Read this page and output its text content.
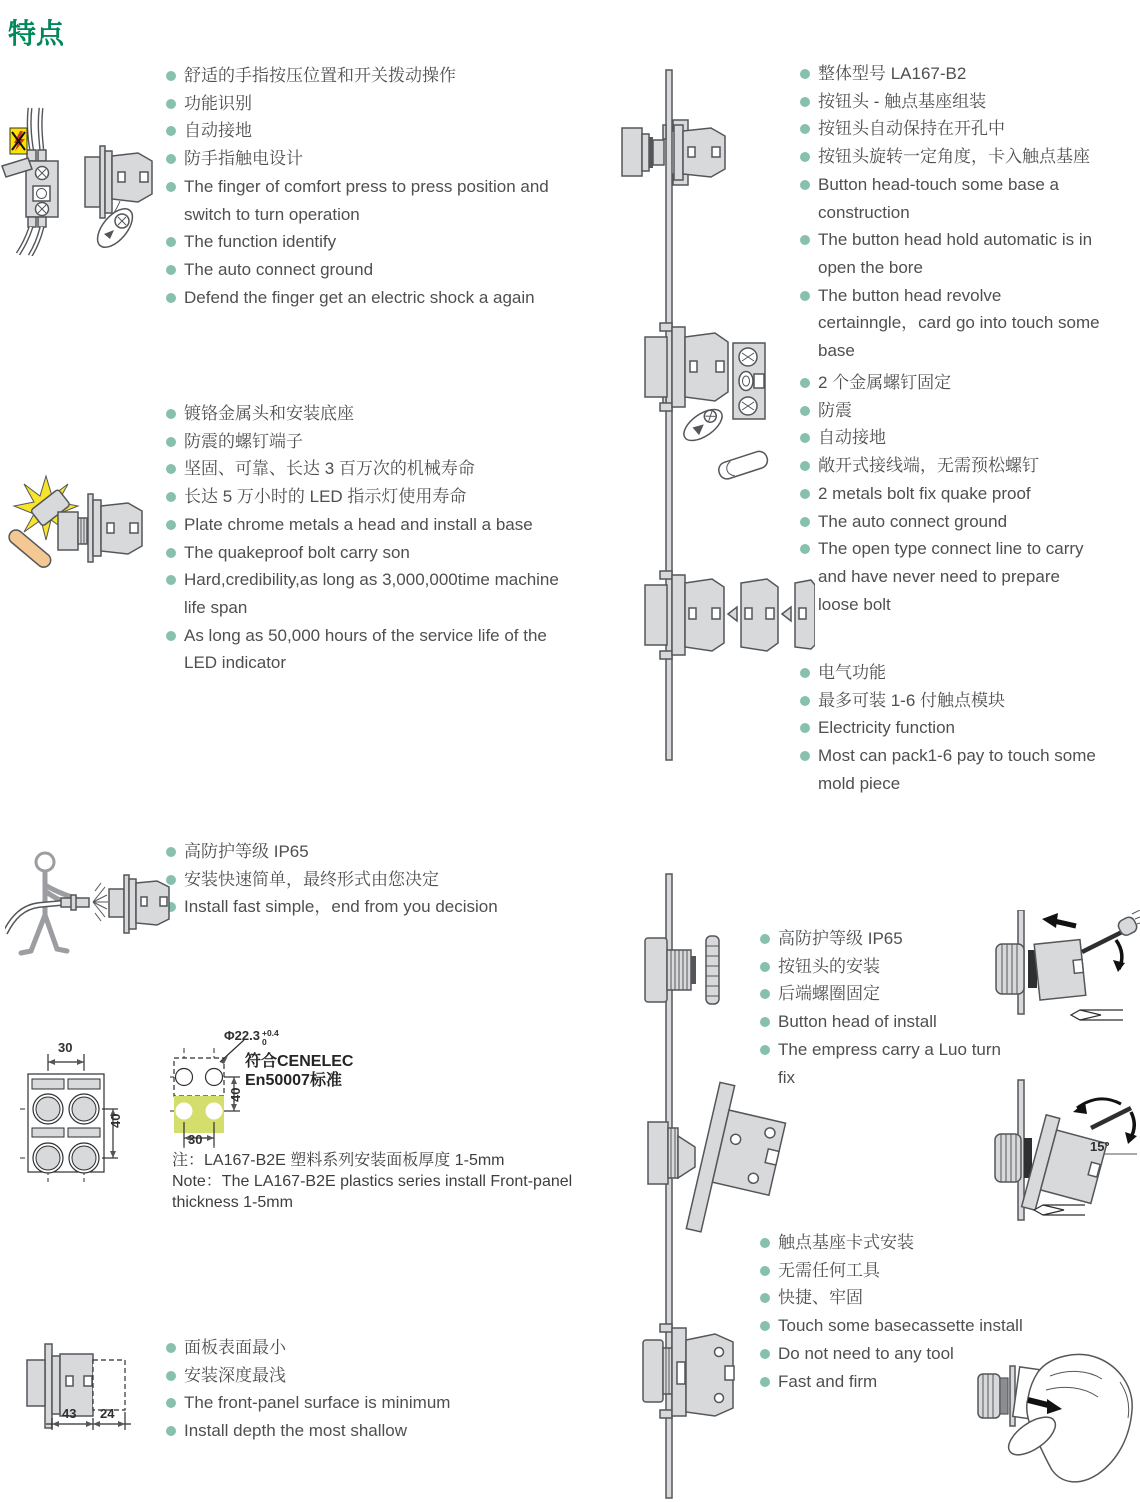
特点
舒适的手指按压位置和开关拨动操作
功能识别
自动接地
防手指触电设计
The finger of comfort press to press position and switch to turn operation
The function identify
The auto connect ground
Defend the finger get an electric shock a again
镀铬金属头和安装底座
防震的螺钉端子
坚固、可靠、长达 3 百万次的机械寿命
长达 5 万小时的 LED 指示灯使用寿命
Plate chrome metals a head and install a base
The quakeproof bolt carry son
Hard,credibility,as long as 3,000,000time machine life span
As long as 50,000 hours of the service life of the LED indicator
高防护等级 IP65
安装快速简单，最终形式由您决定
Install fast simple，end from you decision
面板表面最小
安装深度最浅
The front-panel surface is minimum
Install depth the most shallow
整体型号 LA167-B2
按钮头 - 触点基座组装
按钮头自动保持在开孔中
按钮头旋转一定角度，卡入触点基座
Button head-touch some base a construction
The button head hold automatic is in open the bore
The button head revolve certainngle，card go into touch some base
2 个金属螺钉固定
防震
自动接地
敞开式接线端，无需预松螺钉
2 metals bolt fix quake proof
The auto connect ground
The open type connect line to carry and have never need to prepare loose bolt
电气功能
最多可装 1-6 付触点模块
Electricity function
Most can pack1-6 pay to touch some mold piece
高防护等级 IP65
按钮头的安装
后端螺圈固定
Button head of install
The empress carry a Luo turn fix
触点基座卡式安装
无需任何工具
快捷、牢固
Touch some basecassette install
Do not need to any tool
Fast and firm
30
40
Φ22.3 +0.4
0
符合CENELEC
En50007标准
40
30
注：LA167-B2E 塑料系列安装面板厚度 1-5mm
Note：The LA167-B2E plastics series install Front-panel
thickness 1-5mm
43 24
15°
